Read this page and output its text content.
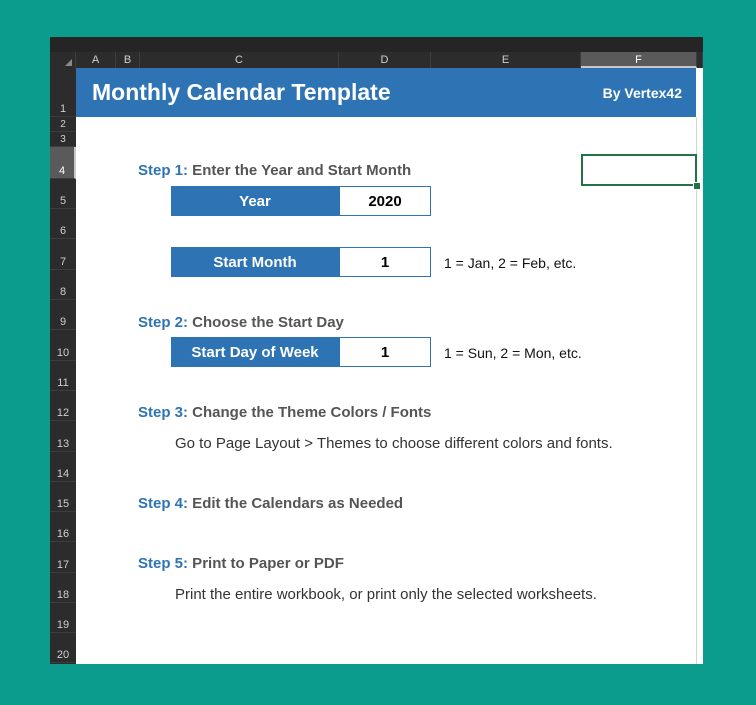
A	B	C	D	E	F
1
2
3
4
5
6
7
8
9
10
11
12
13
14
15
16
17
18
19
20
Monthly Calendar Template	By Vertex42
Step 1: Enter the Year and Start Month
Year	2020
Start Month	1	1 = Jan, 2 = Feb, etc.
Step 2: Choose the Start Day
Start Day of Week	1	1 = Sun, 2 = Mon, etc.
Step 3: Change the Theme Colors / Fonts
Go to Page Layout > Themes to choose different colors and fonts.
Step 4: Edit the Calendars as Needed
Step 5: Print to Paper or PDF
Print the entire workbook, or print only the selected worksheets.
